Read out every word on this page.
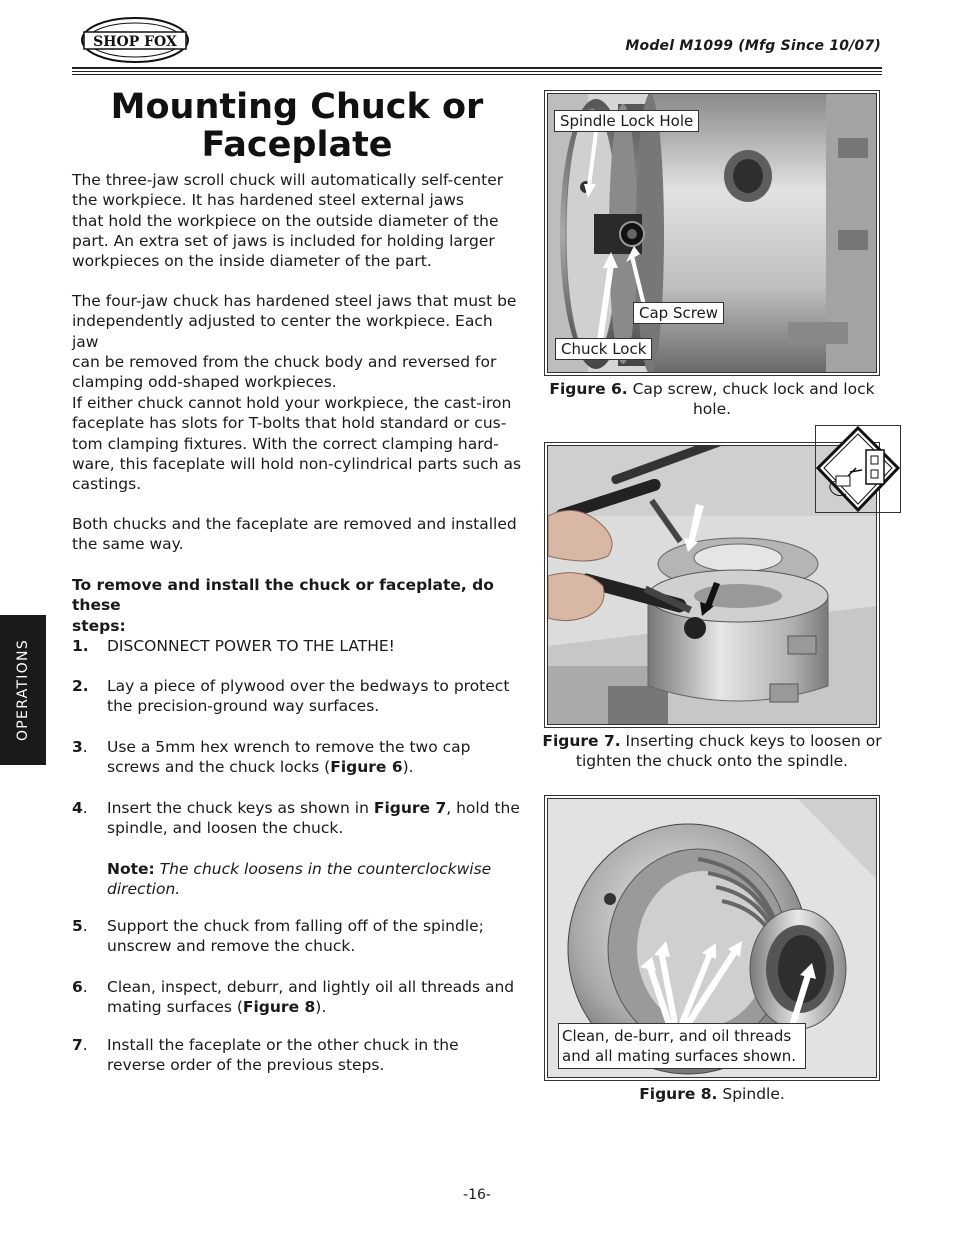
SHOP FOX	Model M1099 (Mfg Since 10/07)
OPERATIONS
Mounting Chuck or
Faceplate
The three-jaw scroll chuck will automatically self-center
the workpiece. It has hardened steel external jaws
that hold the workpiece on the outside diameter of the
part. An extra set of jaws is included for holding larger
workpieces on the inside diameter of the part.
The four-jaw chuck has hardened steel jaws that must be
independently adjusted to center the workpiece. Each jaw
can be removed from the chuck body and reversed for
clamping odd-shaped workpieces.
If either chuck cannot hold your workpiece, the cast-iron
faceplate has slots for T-bolts that hold standard or cus-
tom clamping fixtures. With the correct clamping hard-
ware, this faceplate will hold non-cylindrical parts such as
castings.
Both chucks and the faceplate are removed and installed
the same way.
To remove and install the chuck or faceplate, do these
steps:
1. DISCONNECT POWER TO THE LATHE!
2. Lay a piece of plywood over the bedways to protect
the precision-ground way surfaces.
3. Use a 5mm hex wrench to remove the two cap
screws and the chuck locks (Figure 6).
4. Insert the chuck keys as shown in Figure 7, hold the
spindle, and loosen the chuck.
Note: The chuck loosens in the counterclockwise
direction.
5. Support the chuck from falling off of the spindle;
unscrew and remove the chuck.
6. Clean, inspect, deburr, and lightly oil all threads and
mating surfaces (Figure 8).
7. Install the faceplate or the other chuck in the
reverse order of the previous steps.
Spindle Lock Hole
Cap Screw
Chuck Lock
Figure 6. Cap screw, chuck lock and lock
hole.
Figure 7. Inserting chuck keys to loosen or
tighten the chuck onto the spindle.
Clean, de-burr, and oil threads
and all mating surfaces shown.
Figure 8. Spindle.
-16-
